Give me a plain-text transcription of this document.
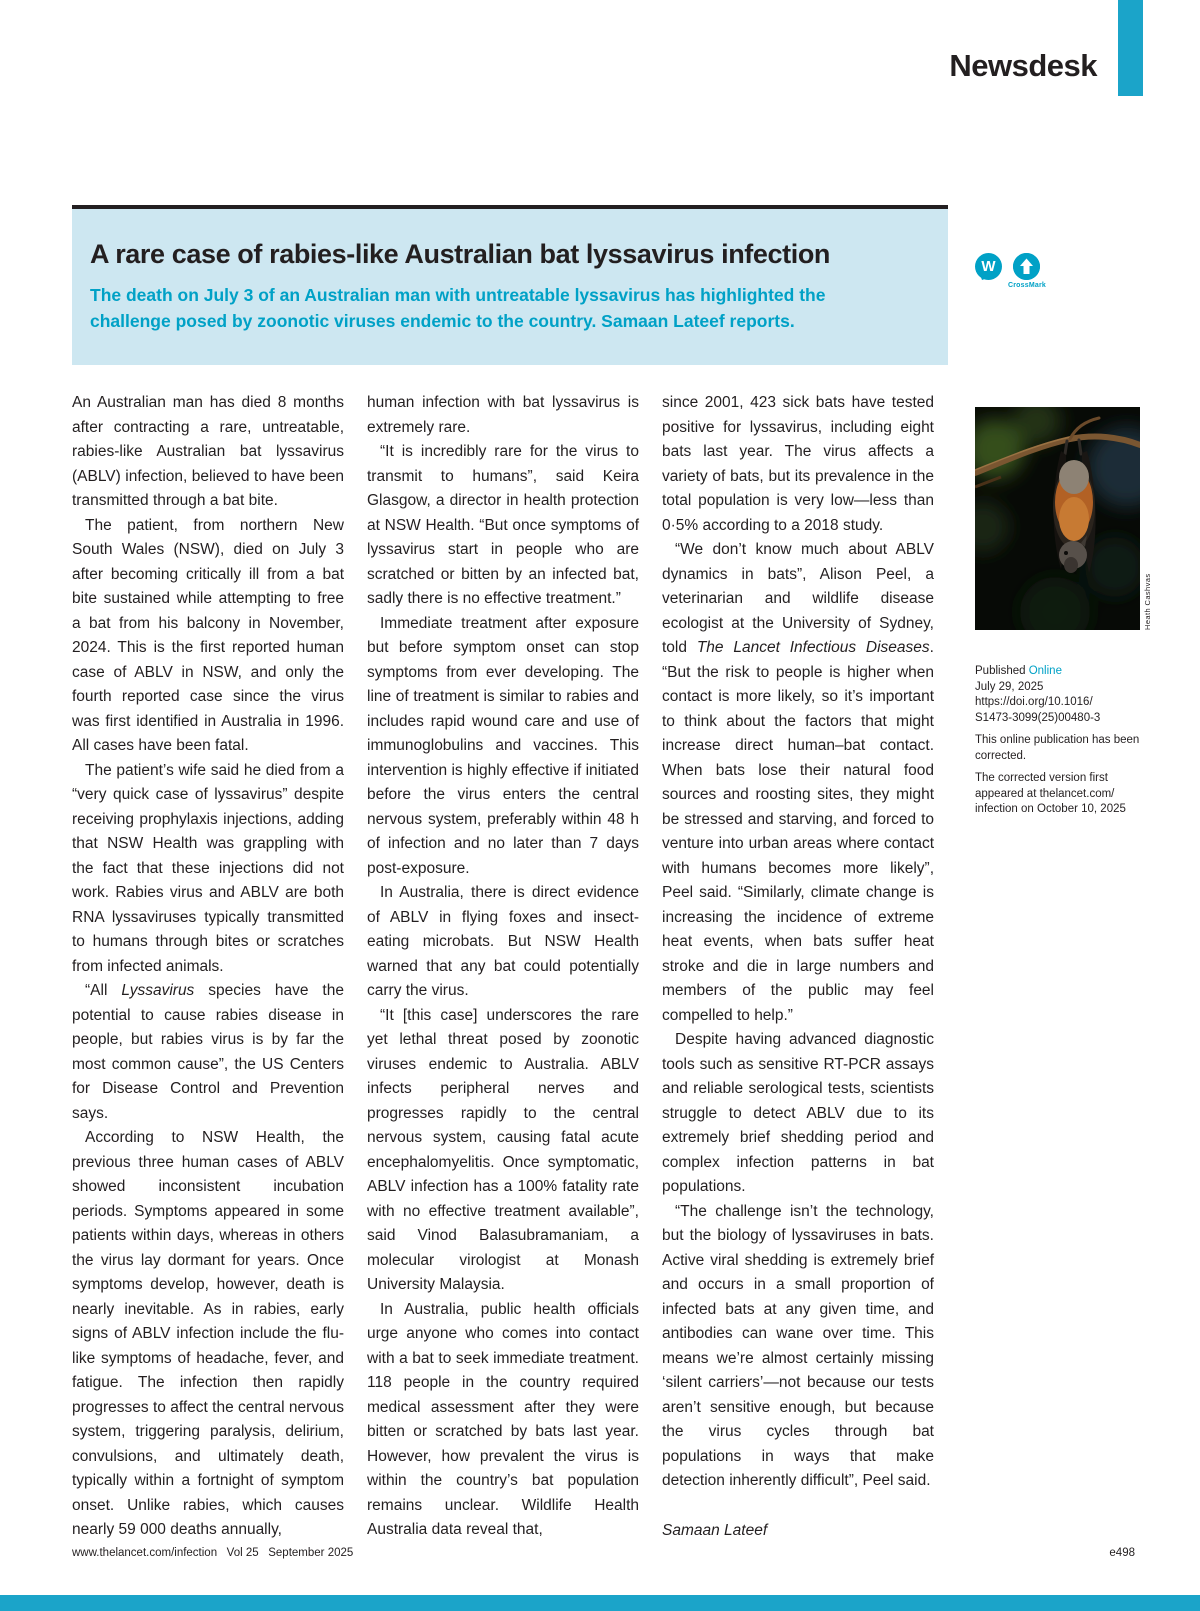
Newsdesk
A rare case of rabies-like Australian bat lyssavirus infection
The death on July 3 of an Australian man with untreatable lyssavirus has highlighted the challenge posed by zoonotic viruses endemic to the country. Samaan Lateef reports.
W
CrossMark

An Australian man has died 8 months after contracting a rare, untreatable, rabies-like Australian bat lyssavirus (ABLV) infection, believed to have been transmitted through a bat bite.

The patient, from northern New South Wales (NSW), died on July 3 after becoming critically ill from a bat bite sustained while attempting to free a bat from his balcony in November, 2024. This is the first reported human case of ABLV in NSW, and only the fourth reported case since the virus was first identified in Australia in 1996. All cases have been fatal.

The patient’s wife said he died from a “very quick case of lyssavirus” despite receiving prophylaxis injections, adding that NSW Health was grappling with the fact that these injections did not work. Rabies virus and ABLV are both RNA lyssaviruses typically transmitted to humans through bites or scratches from infected animals.

“All Lyssavirus species have the potential to cause rabies disease in people, but rabies virus is by far the most common cause”, the US Centers for Disease Control and Prevention says.

According to NSW Health, the previous three human cases of ABLV showed inconsistent incubation periods. Symptoms appeared in some patients within days, whereas in others the virus lay dormant for years. Once symptoms develop, however, death is nearly inevitable. As in rabies, early signs of ABLV infection include the flu-like symptoms of headache, fever, and fatigue. The infection then rapidly progresses to affect the central nervous system, triggering paralysis, delirium, convulsions, and ultimately death, typically within a fortnight of symptom onset. Unlike rabies, which causes nearly 59 000 deaths annually,

human infection with bat lyssavirus is extremely rare.

“It is incredibly rare for the virus to transmit to humans”, said Keira Glasgow, a director in health protection at NSW Health. “But once symptoms of lyssavirus start in people who are scratched or bitten by an infected bat, sadly there is no effective treatment.”

Immediate treatment after exposure but before symptom onset can stop symptoms from ever developing. The line of treatment is similar to rabies and includes rapid wound care and use of immunoglobulins and vaccines. This intervention is highly effective if initiated before the virus enters the central nervous system, preferably within 48 h of infection and no later than 7 days post-exposure.

In Australia, there is direct evidence of ABLV in flying foxes and insect-eating microbats. But NSW Health warned that any bat could potentially carry the virus.

“It [this case] underscores the rare yet lethal threat posed by zoonotic viruses endemic to Australia. ABLV infects peripheral nerves and progresses rapidly to the central nervous system, causing fatal acute encephalomyelitis. Once symptomatic, ABLV infection has a 100% fatality rate with no effective treatment available”, said Vinod Balasubramaniam, a molecular virologist at Monash University Malaysia.

In Australia, public health officials urge anyone who comes into contact with a bat to seek immediate treatment. 118 people in the country required medical assessment after they were bitten or scratched by bats last year. However, how prevalent the virus is within the country’s bat population remains unclear. Wildlife Health Australia data reveal that,

since 2001, 423 sick bats have tested positive for lyssavirus, including eight bats last year. The virus affects a variety of bats, but its prevalence in the total population is very low—less than 0·5% according to a 2018 study.

“We don’t know much about ABLV dynamics in bats”, Alison Peel, a veterinarian and wildlife disease ecologist at the University of Sydney, told The Lancet Infectious Diseases. “But the risk to people is higher when contact is more likely, so it’s important to think about the factors that might increase direct human–bat contact. When bats lose their natural food sources and roosting sites, they might be stressed and starving, and forced to venture into urban areas where contact with humans becomes more likely”, Peel said. “Similarly, climate change is increasing the incidence of extreme heat events, when bats suffer heat stroke and die in large numbers and members of the public may feel compelled to help.”

Despite having advanced diagnostic tools such as sensitive RT-PCR assays and reliable serological tests, scientists struggle to detect ABLV due to its extremely brief shedding period and complex infection patterns in bat populations.

“The challenge isn’t the technology, but the biology of lyssaviruses in bats. Active viral shedding is extremely brief and occurs in a small proportion of infected bats at any given time, and antibodies can wane over time. This means we’re almost certainly missing ‘silent carriers’—not because our tests aren’t sensitive enough, but because the virus cycles through bat populations in ways that make detection inherently difficult”, Peel said.

Samaan Lateef
Heath Cashvas
Published Online
July 29, 2025
https://doi.org/10.1016/
S1473-3099(25)00480-3
This online publication has been corrected.
The corrected version first appeared at thelancet.com/ infection on October 10, 2025
www.thelancet.com/infection   Vol 25   September 2025	e498
